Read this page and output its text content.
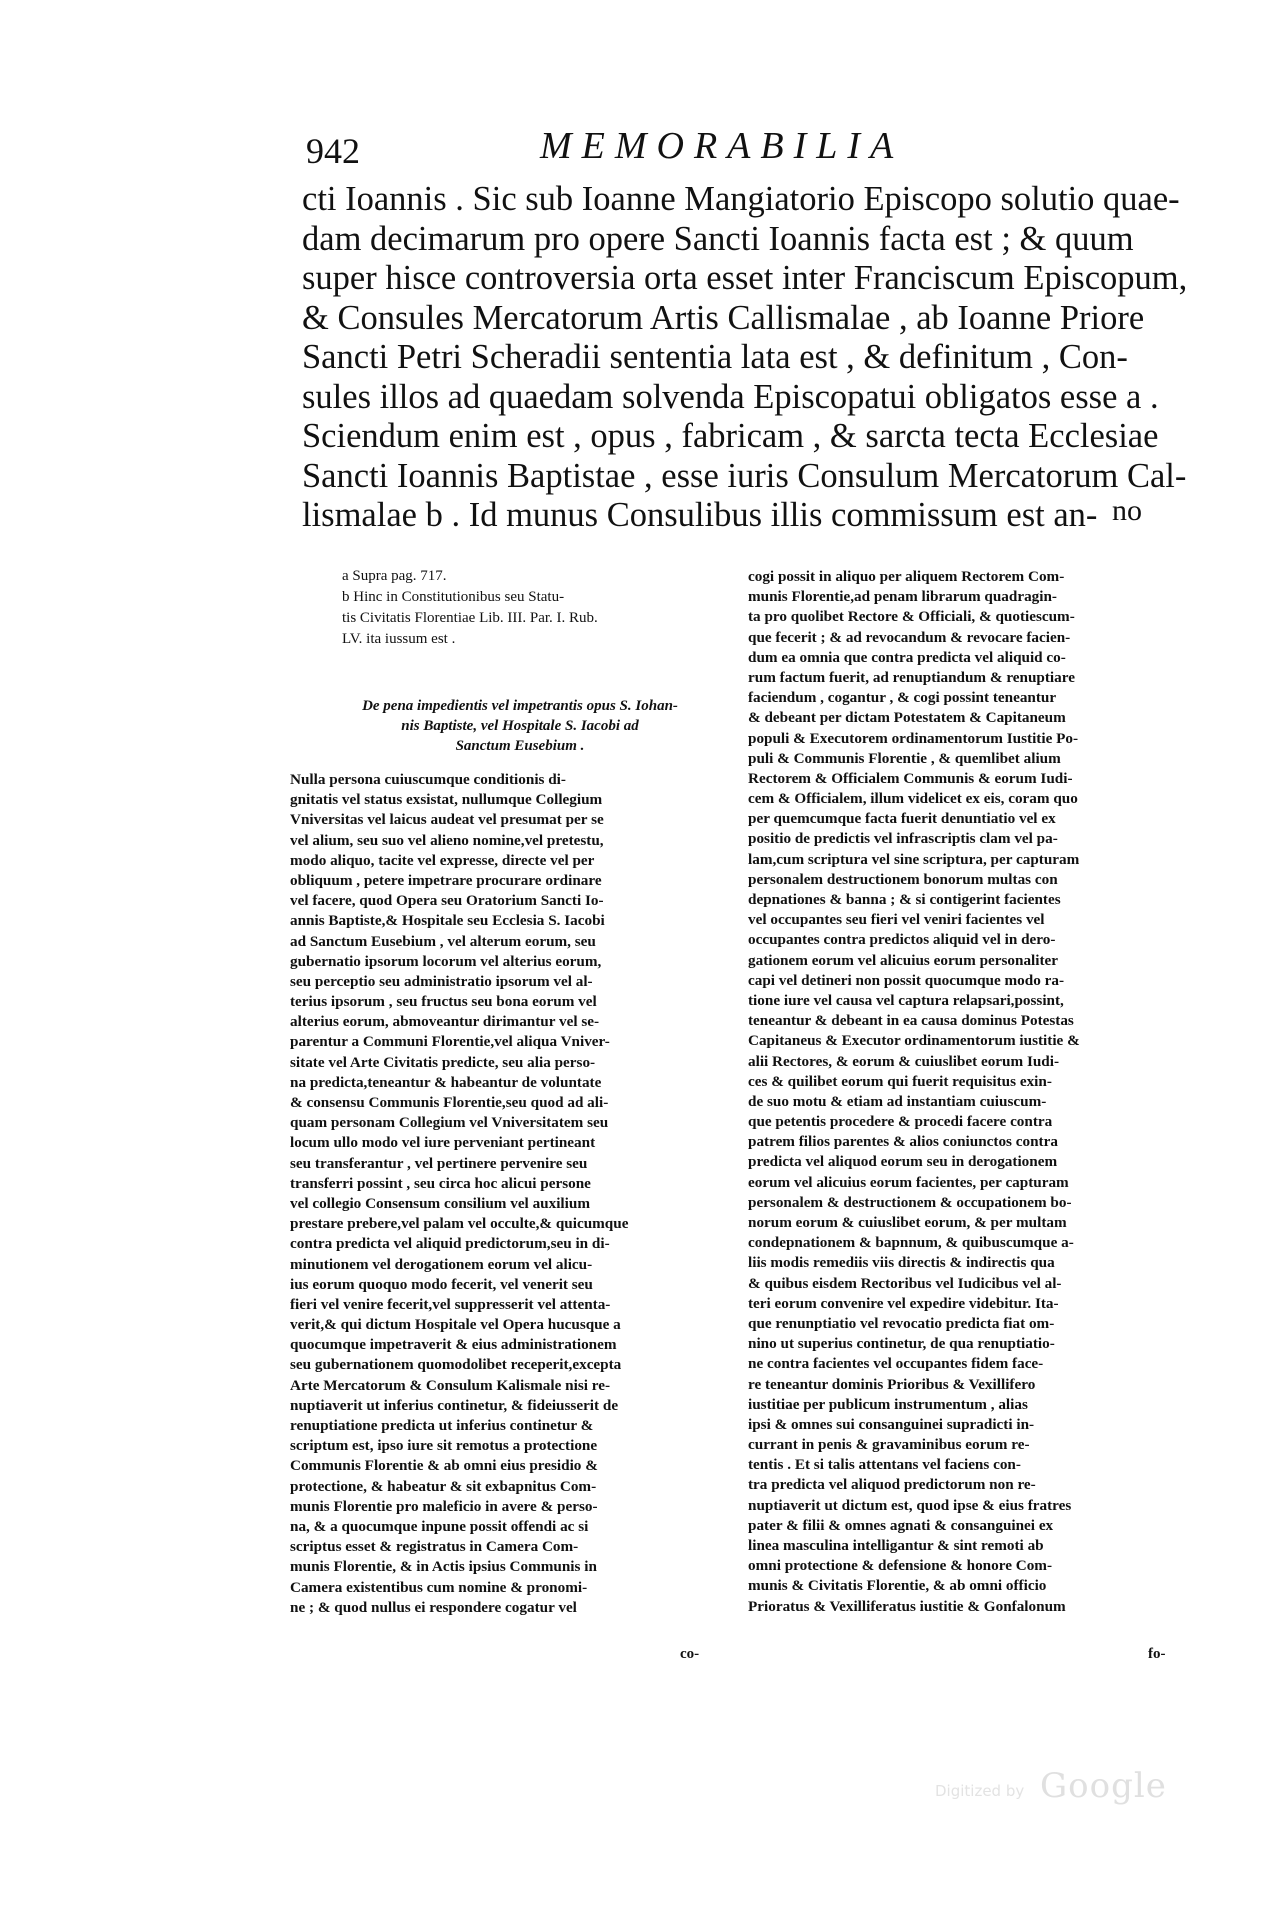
942	MEMORABILIA
cti Ioannis . Sic sub Ioanne Mangiatorio Episcopo solutio quae-
dam decimarum pro opere Sancti Ioannis facta est ; & quum
super hisce controversia orta esset inter Franciscum Episcopum,
& Consules Mercatorum Artis Callismalae , ab Ioanne Priore
Sancti Petri Scheradii sententia lata est , & definitum , Con-
sules illos ad quaedam solvenda Episcopatui obligatos esse a .
Sciendum enim est , opus , fabricam , & sarcta tecta Ecclesiae
Sancti Ioannis Baptistae , esse iuris Consulum Mercatorum Cal-
lismalae b . Id munus Consulibus illis commissum est an- no
a Supra pag. 717.
b Hinc in Constitutionibus seu Statu-
tis Civitatis Florentiae Lib. III. Par. I. Rub.
LV. ita iussum est .
De pena impedientis vel impetrantis opus S. Iohan-
nis Baptiste, vel Hospitale S. Iacobi ad
Sanctum Eusebium .
Nulla persona cuiuscumque conditionis di-
gnitatis vel status exsistat, nullumque Collegium
Vniversitas vel laicus audeat vel presumat per se
vel alium, seu suo vel alieno nomine,vel pretestu,
modo aliquo, tacite vel expresse, directe vel per
obliquum , petere impetrare procurare ordinare
vel facere, quod Opera seu Oratorium Sancti Io-
annis Baptiste,& Hospitale seu Ecclesia S. Iacobi
ad Sanctum Eusebium , vel alterum eorum, seu
gubernatio ipsorum locorum vel alterius eorum,
seu perceptio seu administratio ipsorum vel al-
terius ipsorum , seu fructus seu bona eorum vel
alterius eorum, abmoveantur dirimantur vel se-
parentur a Communi Florentie,vel aliqua Vniver-
sitate vel Arte Civitatis predicte, seu alia perso-
na predicta,teneantur & habeantur de voluntate
& consensu Communis Florentie,seu quod ad ali-
quam personam Collegium vel Vniversitatem seu
locum ullo modo vel iure perveniant pertineant
seu transferantur , vel pertinere pervenire seu
transferri possint , seu circa hoc alicui persone
vel collegio Consensum consilium vel auxilium
prestare prebere,vel palam vel occulte,& quicumque
contra predicta vel aliquid predictorum,seu in di-
minutionem vel derogationem eorum vel alicu-
ius eorum quoquo modo fecerit, vel venerit seu
fieri vel venire fecerit,vel suppresserit vel attenta-
verit,& qui dictum Hospitale vel Opera hucusque a
quocumque impetraverit & eius administrationem
seu gubernationem quomodolibet receperit,excepta
Arte Mercatorum & Consulum Kalismale nisi re-
nuptiaverit ut inferius continetur, & fideiusserit de
renuptiatione predicta ut inferius continetur &
scriptum est, ipso iure sit remotus a protectione
Communis Florentie & ab omni eius presidio &
protectione, & habeatur & sit exbapnitus Com-
munis Florentie pro maleficio in avere & perso-
na, & a quocumque inpune possit offendi ac si
scriptus esset & registratus in Camera Com-
munis Florentie, & in Actis ipsius Communis in
Camera existentibus cum nomine & pronomi-
ne ; & quod nullus ei respondere cogatur vel
co-
cogi possit in aliquo per aliquem Rectorem Com-
munis Florentie,ad penam librarum quadragin-
ta pro quolibet Rectore & Officiali, & quotiescum-
que fecerit ; & ad revocandum & revocare facien-
dum ea omnia que contra predicta vel aliquid co-
rum factum fuerit, ad renuptiandum & renuptiare
faciendum , cogantur , & cogi possint teneantur
& debeant per dictam Potestatem & Capitaneum
populi & Executorem ordinamentorum Iustitie Po-
puli & Communis Florentie , & quemlibet alium
Rectorem & Officialem Communis & eorum Iudi-
cem & Officialem, illum videlicet ex eis, coram quo
per quemcumque facta fuerit denuntiatio vel ex
positio de predictis vel infrascriptis clam vel pa-
lam,cum scriptura vel sine scriptura, per capturam
personalem destructionem bonorum multas con
depnationes & banna ; & si contigerint facientes
vel occupantes seu fieri vel veniri facientes vel
occupantes contra predictos aliquid vel in dero-
gationem eorum vel alicuius eorum personaliter
capi vel detineri non possit quocumque modo ra-
tione iure vel causa vel captura relapsari,possint,
teneantur & debeant in ea causa dominus Potestas
Capitaneus & Executor ordinamentorum iustitie &
alii Rectores, & eorum & cuiuslibet eorum Iudi-
ces & quilibet eorum qui fuerit requisitus exin-
de suo motu & etiam ad instantiam cuiuscum-
que petentis procedere & procedi facere contra
patrem filios parentes & alios coniunctos contra
predicta vel aliquod eorum seu in derogationem
eorum vel alicuius eorum facientes, per capturam
personalem & destructionem & occupationem bo-
norum eorum & cuiuslibet eorum, & per multam
condepnationem & bapnnum, & quibuscumque a-
liis modis remediis viis directis & indirectis qua
& quibus eisdem Rectoribus vel Iudicibus vel al-
teri eorum convenire vel expedire videbitur. Ita-
que renunptiatio vel revocatio predicta fiat om-
nino ut superius continetur, de qua renuptiatio-
ne contra facientes vel occupantes fidem face-
re teneantur dominis Prioribus & Vexillifero
iustitiae per publicum instrumentum , alias
ipsi & omnes sui consanguinei supradicti in-
currant in penis & gravaminibus eorum re-
tentis . Et si talis attentans vel faciens con-
tra predicta vel aliquod predictorum non re-
nuptiaverit ut dictum est, quod ipse & eius fratres
pater & filii & omnes agnati & consanguinei ex
linea masculina intelligantur & sint remoti ab
omni protectione & defensione & honore Com-
munis & Civitatis Florentie, & ab omni officio
Prioratus & Vexilliferatus iustitie & Gonfalonum
fo-
Digitized by Google
